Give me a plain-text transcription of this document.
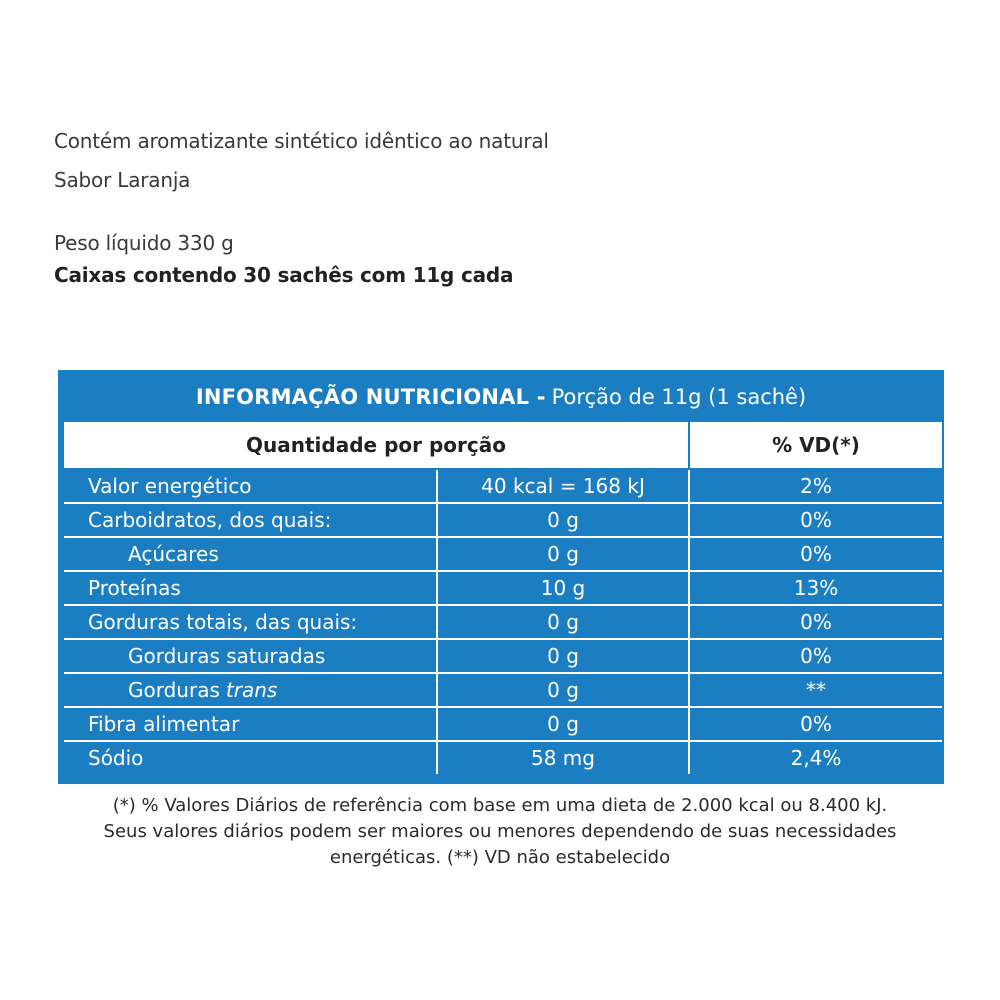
Contém aromatizante sintético idêntico ao natural
Sabor Laranja
Peso líquido 330 g
Caixas contendo 30 sachês com 11g cada
INFORMAÇÃO NUTRICIONAL - Porção de 11g (1 sachê)
Quantidade por porção	% VD(*)
Valor energético	40 kcal = 168 kJ	2%
Carboidratos, dos quais:	0 g	0%
Açúcares	0 g	0%
Proteínas	10 g	13%
Gorduras totais, das quais:	0 g	0%
Gorduras saturadas	0 g	0%
Gorduras trans	0 g	**
Fibra alimentar	0 g	0%
Sódio	58 mg	2,4%
(*) % Valores Diários de referência com base em uma dieta de 2.000 kcal ou 8.400 kJ.
Seus valores diários podem ser maiores ou menores dependendo de suas necessidades
energéticas. (**) VD não estabelecido
